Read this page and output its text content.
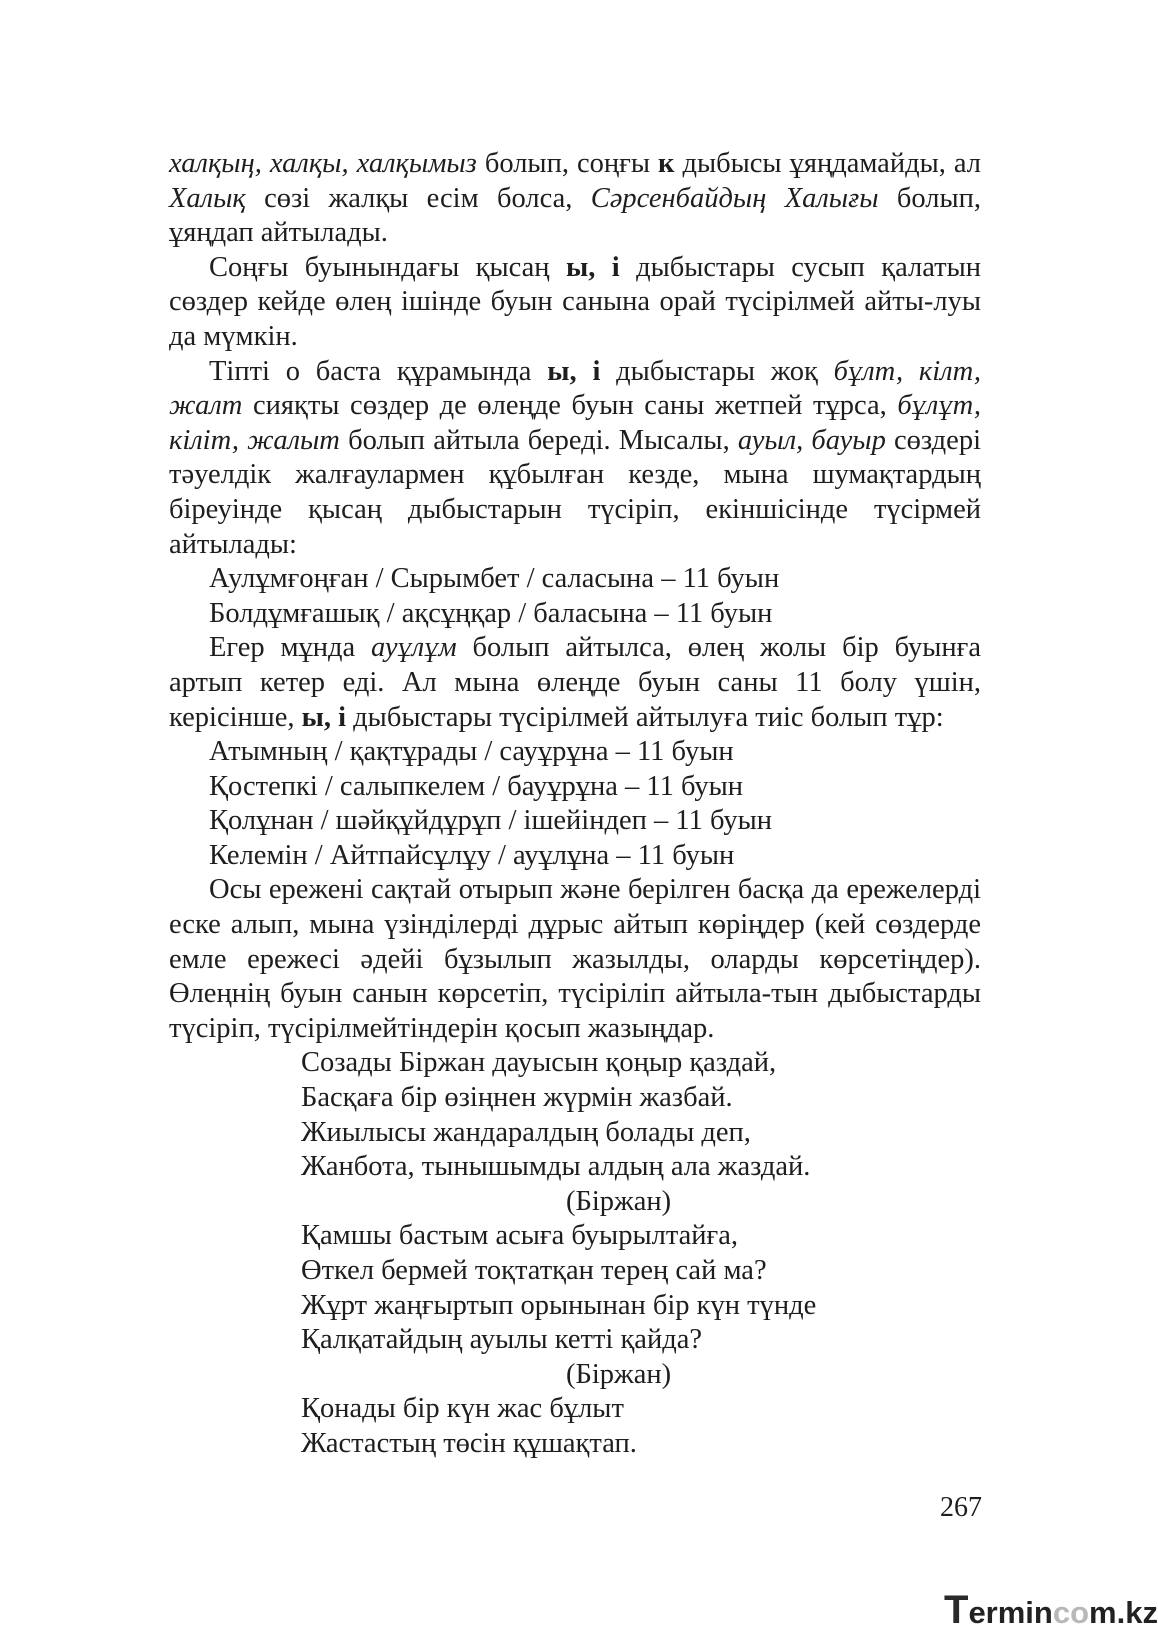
халқың, халқы, халқымыз болып, соңғы к дыбысы ұяңдамайды, ал Халық сөзі жалқы есім болса, Сәрсенбайдың Халығы болып, ұяңдап айтылады.

Соңғы буынындағы қысаң ы, і дыбыстары сусып қалатын сөздер кейде өлең ішінде буын санына орай түсірілмей айты-луы да мүмкін.

Тіпті о баста құрамында ы, і дыбыстары жоқ бұлт, кілт, жалт сияқты сөздер де өлеңде буын саны жетпей тұрса, бұлұт, кіліт, жалыт болып айтыла береді. Мысалы, ауыл, бауыр сөздері тәуелдік жалғаулармен құбылған кезде, мына шумақтардың біреуінде қысаң дыбыстарын түсіріп, екіншісінде түсірмей айтылады:

Аулұмғоңған / Сырымбет / саласына – 11 буын

Болдұмғашық / ақсұңқар / баласына – 11 буын

Егер мұнда ауұлұм болып айтылса, өлең жолы бір буынға артып кетер еді. Ал мына өлеңде буын саны 11 болу үшін, керісінше, ы, і дыбыстары түсірілмей айтылуға тиіс болып тұр:

Атымның / қақтұрады / сауұрұна – 11 буын

Қостепкі / салыпкелем / бауұрұна – 11 буын

Қолұнан / шәйқұйдұрұп / ішейіндеп – 11 буын

Келемін / Айтпайсұлұу / ауұлұна – 11 буын

Осы ережені сақтай отырып және берілген басқа да ережелерді еске алып, мына үзінділерді дұрыс айтып көріңдер (кей сөздерде емле ережесі әдейі бұзылып жазылды, оларды көрсетіңдер). Өлеңнің буын санын көрсетіп, түсіріліп айтыла-тын дыбыстарды түсіріп, түсірілмейтіндерін қосып жазыңдар.

Созады Біржан дауысын қоңыр қаздай,
Басқаға бір өзіңнен жүрмін жазбай.
Жиылысы жандаралдың болады деп,
Жанбота, тынышымды алдың ала жаздай.
(Біржан)
Қамшы бастым асыға буырылтайға,
Өткел бермей тоқтатқан терең сай ма?
Жұрт жаңғыртып орынынан бір күн түнде
Қалқатайдың ауылы кетті қайда?
(Біржан)
Қонады бір күн жас бұлыт
Жастастың төсін құшақтап.
267
Termincom.kz
